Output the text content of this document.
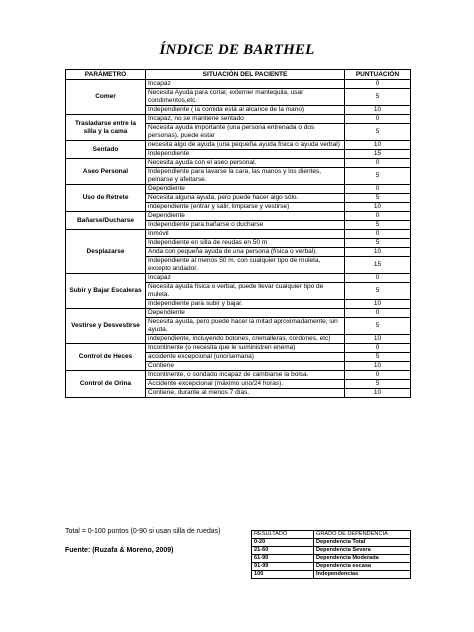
ÍNDICE DE BARTHEL
PARÁMETRO	SITUACIÓN DEL PACIENTE	PUNTUACIÓN
Comer	Incapaz	0
	Necesita Ayuda para cortar, externer mantequila, usar condimentos,etc.	5
	Independiente ( la comida está al alcance de la mano)	10
Trasladarse entre la silla y la cama	Incapaz, no se mantiene sentado	0
	Necesita ayuda importante (una persona entrenada o dos personas), puede estar	5
Sentado	necesita algo de ayuda (una pequeña ayuda física o ayuda verbal)	10
	Independiente	15
Aseo Personal	Necesita ayuda con el aseo personal.	0
	Independiente para lavarse la cara, las manos y los dientes, peinarse y afeitarse.	5
Uso de Retrete	Dependiente	0
	Necesita alguna ayuda, pero puede hacer algo sólo.	5
	independiente (entrar y salir, limpiarse y vestirse)	10
Bañarse/Ducharse	Dependiente	0
	Independiente para bañarse o ducharse	5
Desplazarse	Inmóvil	0
	Independiente en silla de reudas en 50 m	5
	Anda con pequeña ayuda de una persona (física o verbal).	10
	Independiente al menos 50 m, con cualquier tipo de muleta, excepto andador.	15
Subir y Bajar Escaleras	Incapaz	0
	Necesita ayuda física o verbal, puede llevar cualquier tipo de muleta.	5
	Independiente para subir y bajar.	10
Vestirse y Desvestirse	Dependiente	0
	Necesita ayuda, pero puede hacer la mitad aproximadamente, sin ayuda.	5
	independiente, incluyendo botones, cremalleras, cordones, etc)	10
Control de Heces	Incontinente (o necesita que le suministren enema)	0
	accidente excepcional (uno/semana)	5
	Contiene	10
Control de Orina	Incontinente, o sondado incapaz de cambiarse la bolsa.	0
	Accidente excepcional (máximo uno/24 horas).	5
	Contiene, durante al menos 7 días.	10
Total = 0-100 puntos (0-90 si usan silla de ruedas)
Fuente: (Ruzafa & Moreno, 2009)
RESULTADO	GRADO DE DEPENDENCIA
0-20	Dependencia Total
21-60	Dependencia Severa
61-90	Dependencia Moderada
91-99	Dependencia escasa
100	Independencias
